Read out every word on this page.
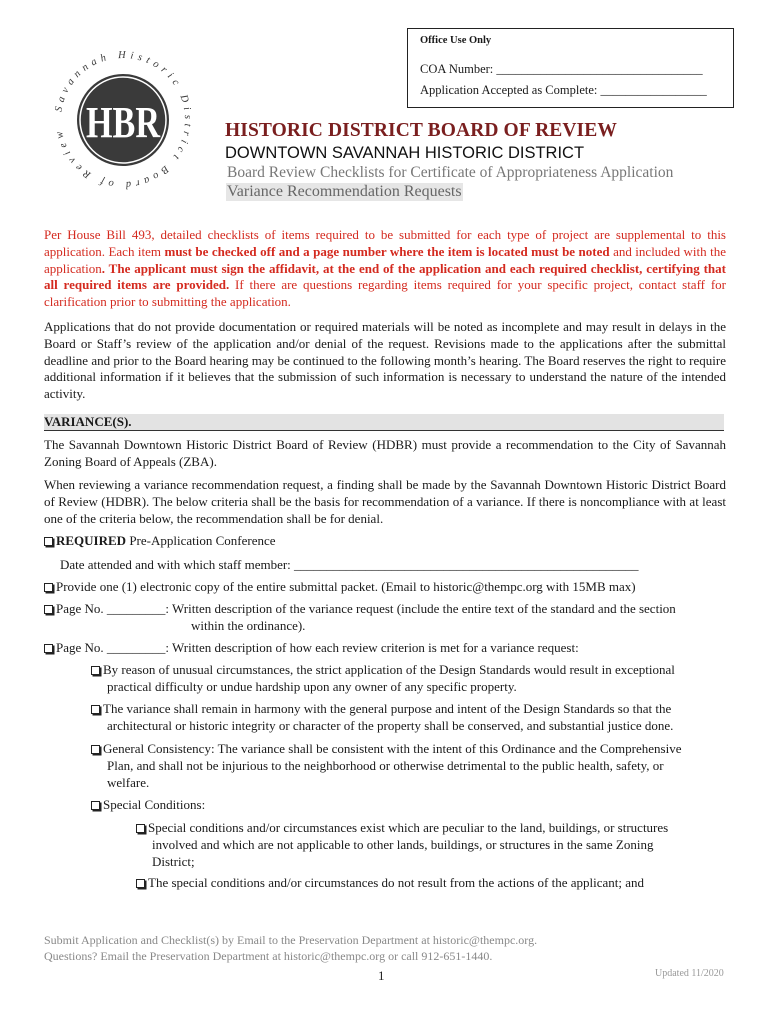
Office Use Only
COA Number: _________________________________
Application Accepted as Complete: _________________
HBR
Savannah Historic District Board of Review	HISTORIC DISTRICT BOARD OF REVIEW
DOWNTOWN SAVANNAH HISTORIC DISTRICT
Board Review Checklists for Certificate of Appropriateness Application
Variance Recommendation Requests
Per House Bill 493, detailed checklists of items required to be submitted for each type of project are supplemental to this application. Each item must be checked off and a page number where the item is located must be noted and included with the application. The applicant must sign the affidavit, at the end of the application and each required checklist, certifying that all required items are provided. If there are questions regarding items required for your specific project, contact staff for clarification prior to submitting the application.
Applications that do not provide documentation or required materials will be noted as incomplete and may result in delays in the Board or Staff’s review of the application and/or denial of the request. Revisions made to the applications after the submittal deadline and prior to the Board hearing may be continued to the following month’s hearing. The Board reserves the right to require additional information if it believes that the submission of such information is necessary to understand the nature of the intended activity.
VARIANCE(S).
The Savannah Downtown Historic District Board of Review (HDBR) must provide a recommendation to the City of Savannah Zoning Board of Appeals (ZBA).
When reviewing a variance recommendation request, a finding shall be made by the Savannah Downtown Historic District Board of Review (HDBR). The below criteria shall be the basis for recommendation of a variance. If there is noncompliance with at least one of the criteria below, the recommendation shall be for denial.
REQUIRED Pre-Application Conference
Date attended and with which staff member: _____________________________________________________
Provide one (1) electronic copy of the entire submittal packet. (Email to historic@thempc.org with 15MB max)
Page No. _________: Written description of the variance request (include the entire text of the standard and the section
within the ordinance).
Page No. _________: Written description of how each review criterion is met for a variance request:
By reason of unusual circumstances, the strict application of the Design Standards would result in exceptional
practical difficulty or undue hardship upon any owner of any specific property.
The variance shall remain in harmony with the general purpose and intent of the Design Standards so that the
architectural or historic integrity or character of the property shall be conserved, and substantial justice done.
General Consistency: The variance shall be consistent with the intent of this Ordinance and the Comprehensive
Plan, and shall not be injurious to the neighborhood or otherwise detrimental to the public health, safety, or
welfare.
Special Conditions:
Special conditions and/or circumstances exist which are peculiar to the land, buildings, or structures
involved and which are not applicable to other lands, buildings, or structures in the same Zoning
District;
The special conditions and/or circumstances do not result from the actions of the applicant; and
Submit Application and Checklist(s) by Email to the Preservation Department at historic@thempc.org.
Questions? Email the Preservation Department at historic@thempc.org or call 912-651-1440.
1	Updated 11/2020
